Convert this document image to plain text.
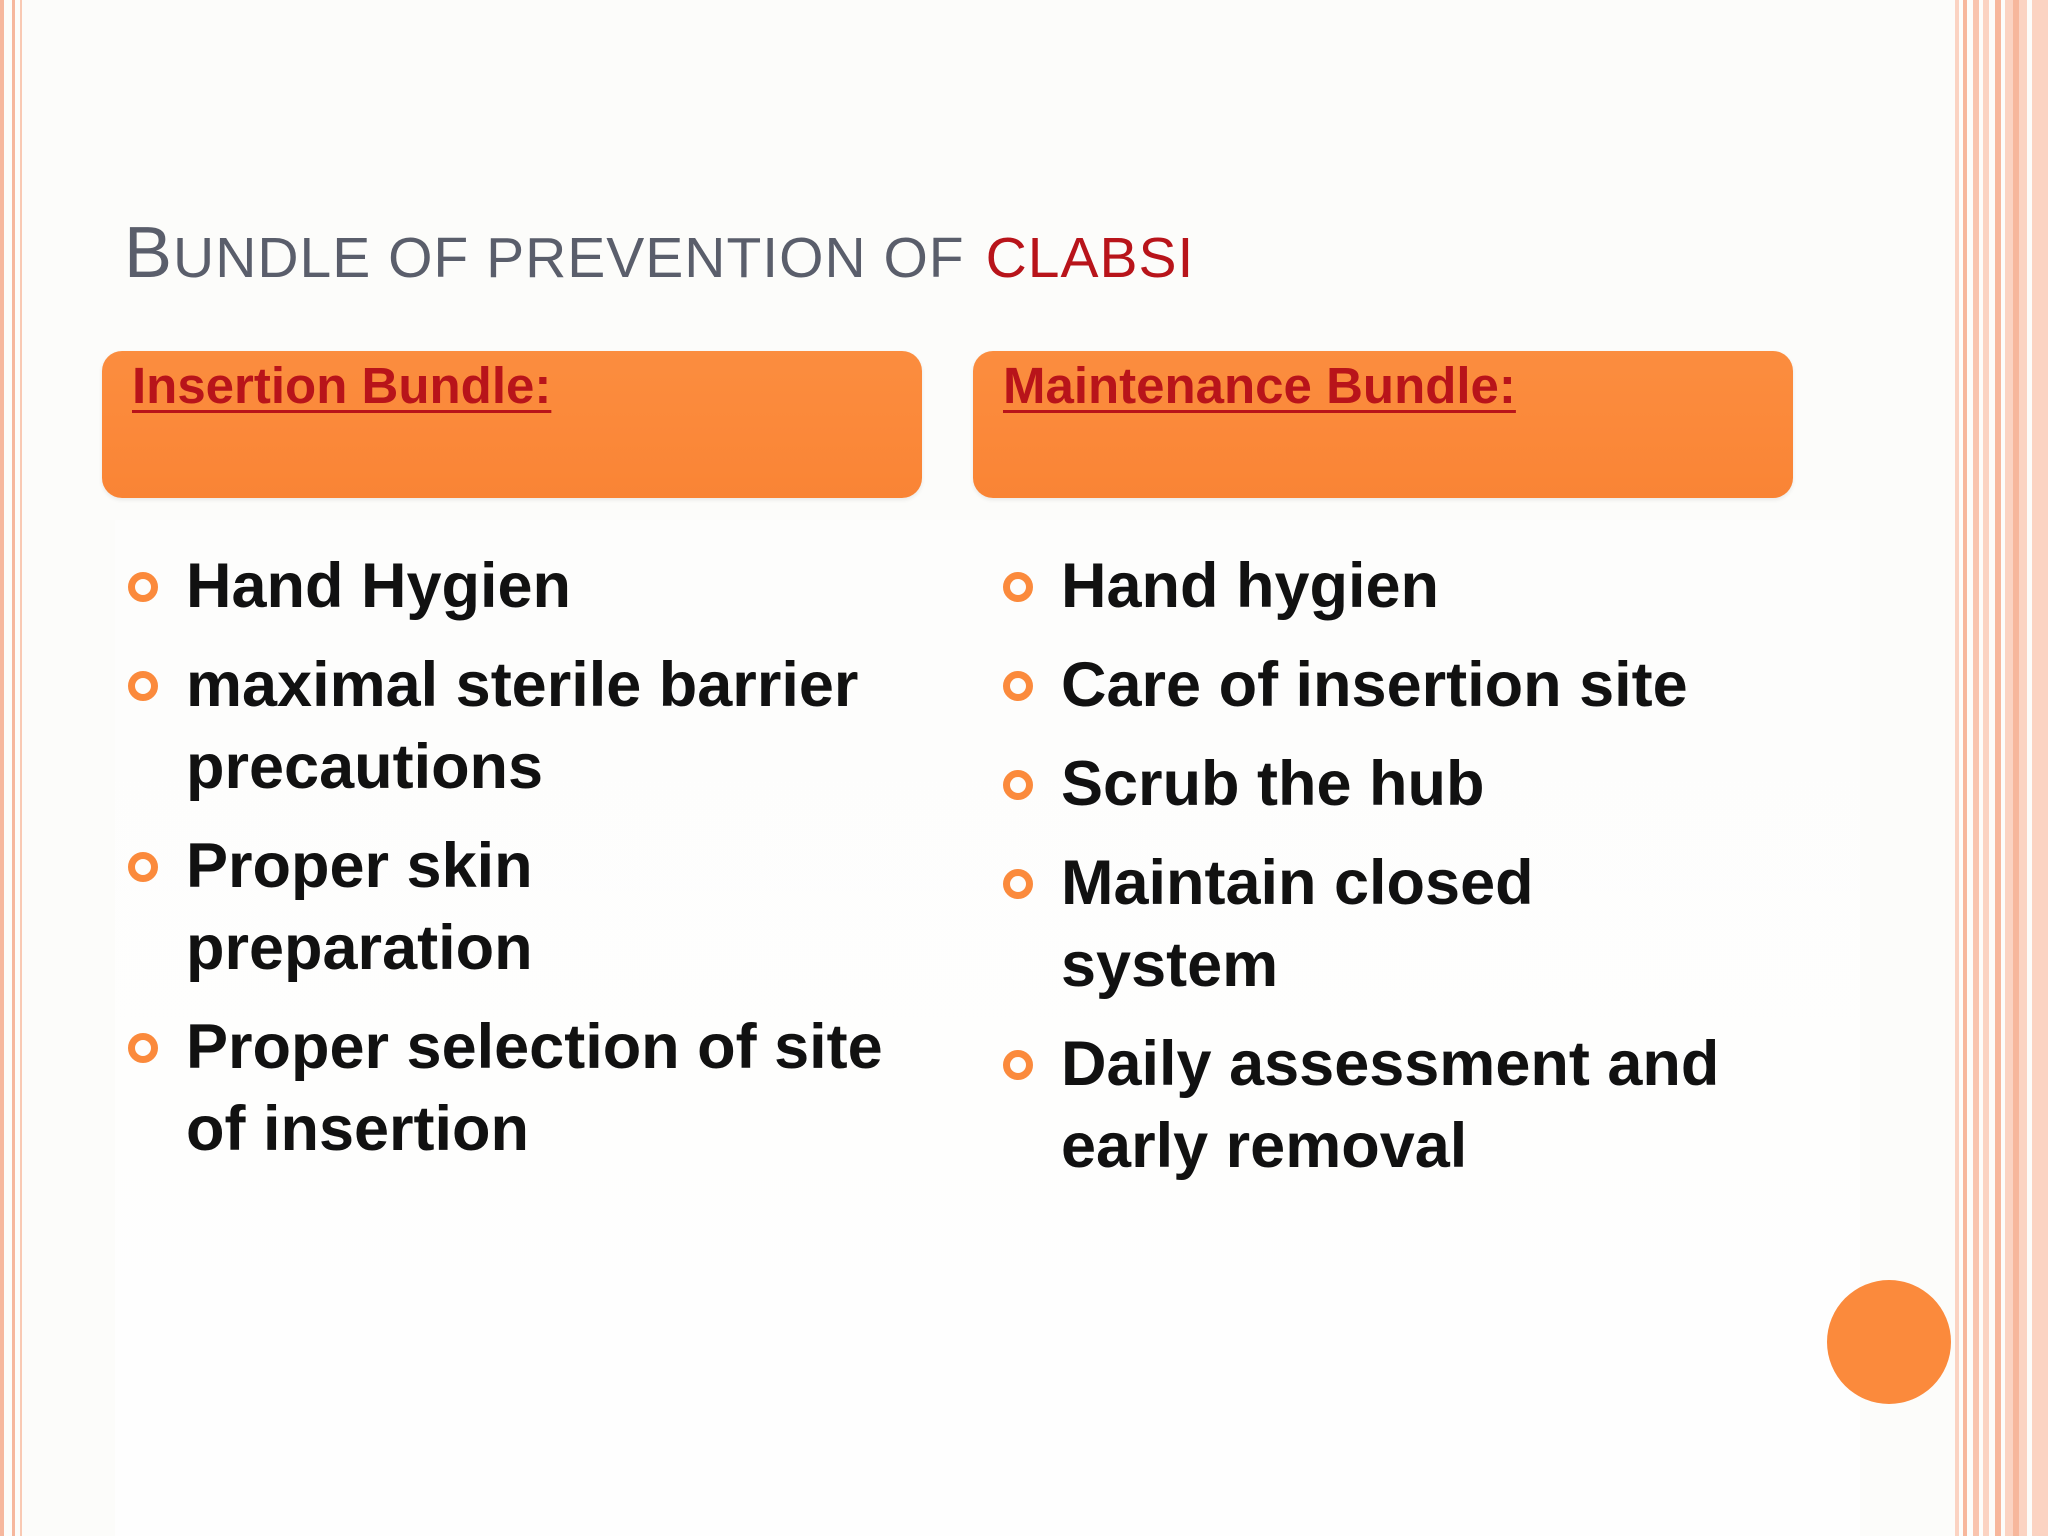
BUNDLE OF PREVENTION OF CLABSI
Insertion Bundle:	Maintenance Bundle:
Hand Hygien
maximal sterile barrier precautions
Proper skin preparation
Proper selection of site of insertion
Hand hygien
Care of insertion site
Scrub the hub
Maintain closed system
Daily assessment and early removal
